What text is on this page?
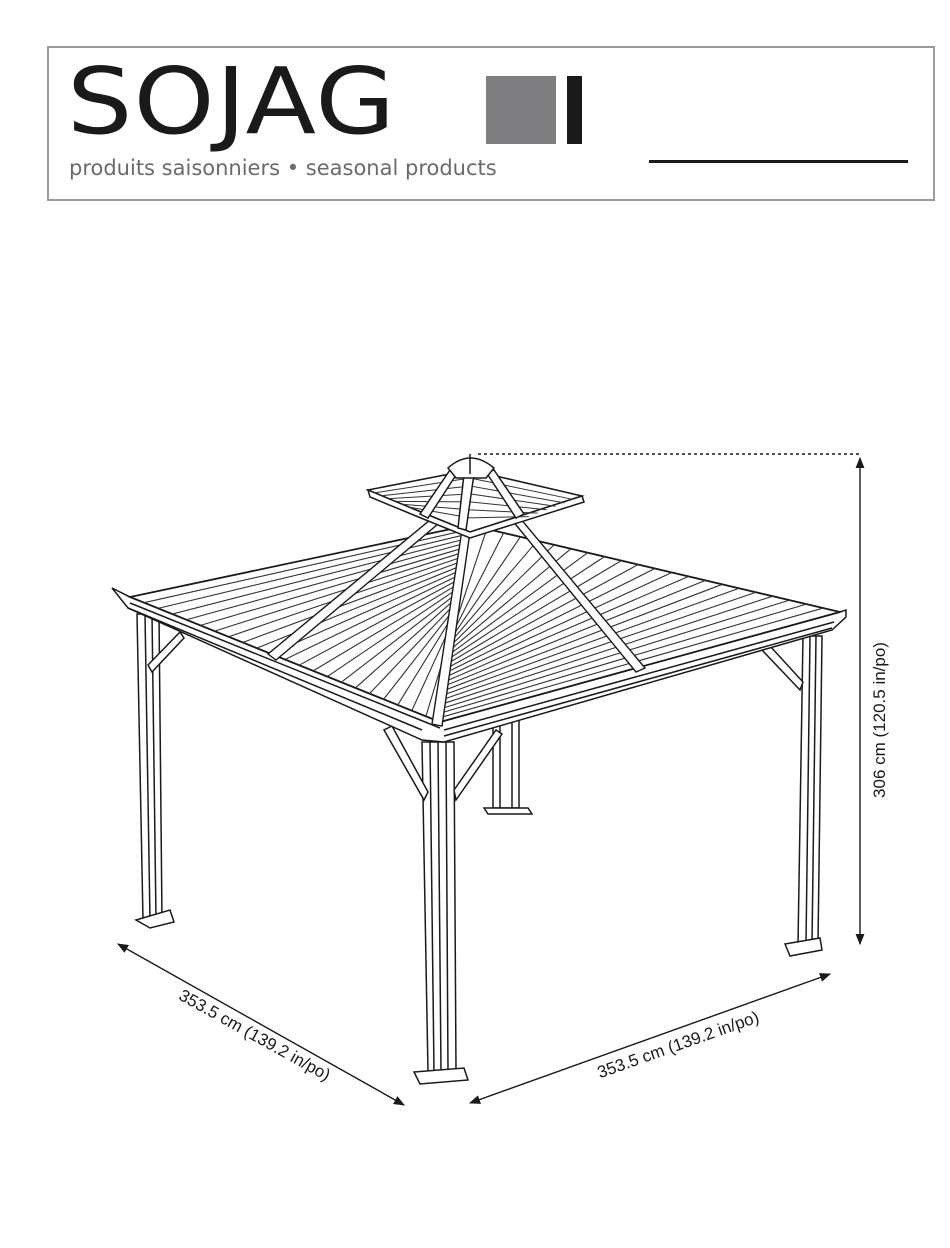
SOJAG
produits saisonniers • seasonal products
306 cm (120.5 in/po)
353.5 cm (139.2 in/po)	353.5 cm (139.2 in/po)
